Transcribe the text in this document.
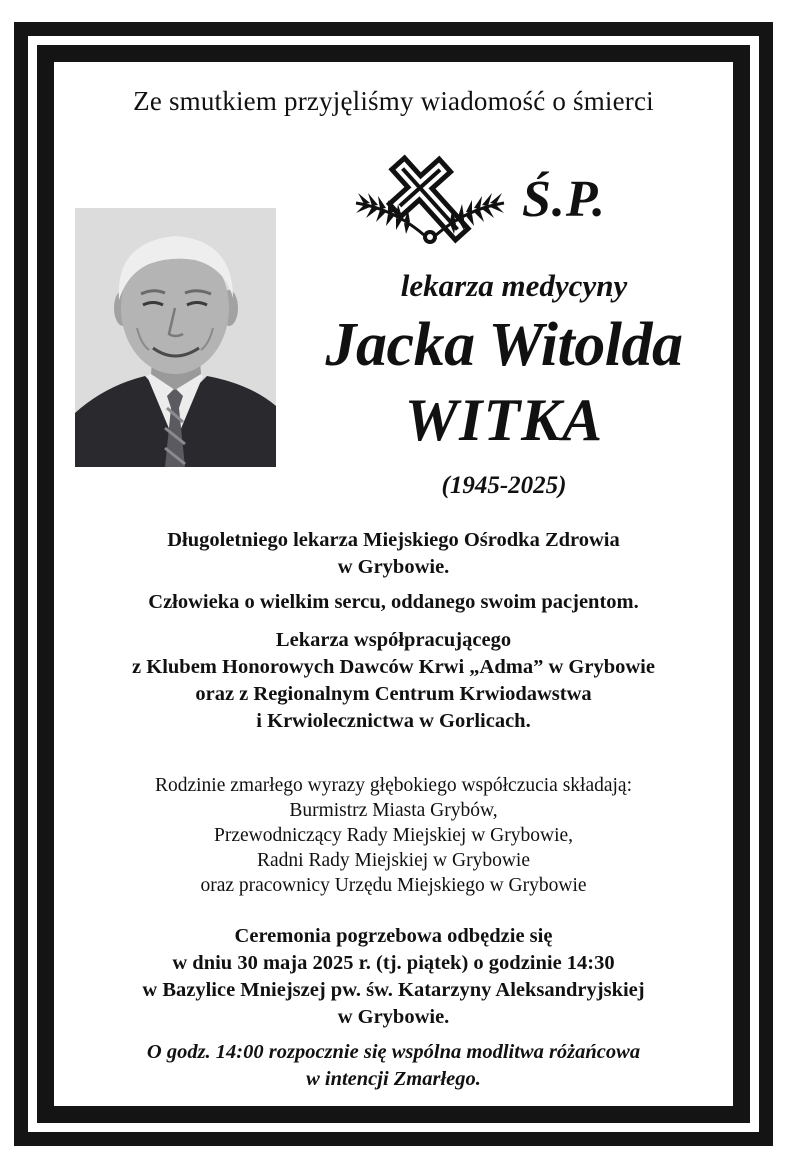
Ze smutkiem przyjęliśmy wiadomość o śmierci

Ś.P.

lekarza medycyny

Jacka Witolda

WITKA

(1945-2025)

Długoletniego lekarza Miejskiego Ośrodka Zdrowia

w Grybowie.

Człowieka o wielkim sercu, oddanego swoim pacjentom.

Lekarza współpracującego

z Klubem Honorowych Dawców Krwi „Adma” w Grybowie

oraz z Regionalnym Centrum Krwiodawstwa

i Krwiolecznictwa w Gorlicach.

Rodzinie zmarłego wyrazy głębokiego współczucia składają:

Burmistrz Miasta Grybów,

Przewodniczący Rady Miejskiej w Grybowie,

Radni Rady Miejskiej w Grybowie

oraz pracownicy Urzędu Miejskiego w Grybowie

Ceremonia pogrzebowa odbędzie się

w dniu 30 maja 2025 r. (tj. piątek) o godzinie 14:30

w Bazylice Mniejszej pw. św. Katarzyny Aleksandryjskiej

w Grybowie.

O godz. 14:00 rozpocznie się wspólna modlitwa różańcowa

w intencji Zmarłego.
